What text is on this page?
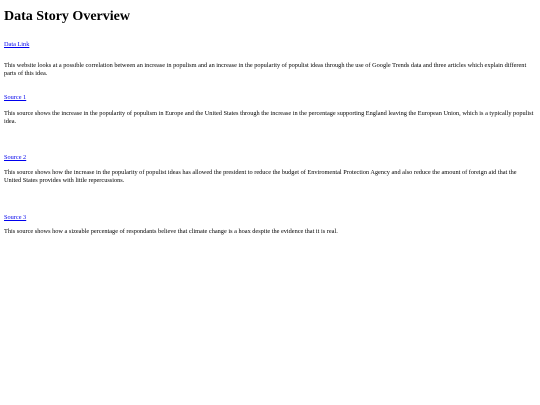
Data Story Overview
Data Link

This website looks at a possible correlation between an increase in populism and an increase in the popularity of populist ideas through the use of Google Trends data and three articles which explain different parts of this idea.

Source 1

This source shows the increase in the popularity of populism in Europe and the United States through the increase in the percentage supporting England leaving the European Union, which is a typically populist idea.

Source 2

This source shows how the increase in the popularity of populist ideas has allowed the president to reduce the budget of Enviromental Protection Agency and also reduce the amount of foreign aid that the United States provides with little repercussions.

Source 3

This source shows how a sizeable percentage of respondants believe that climate change is a hoax despite the evidence that it is real.
